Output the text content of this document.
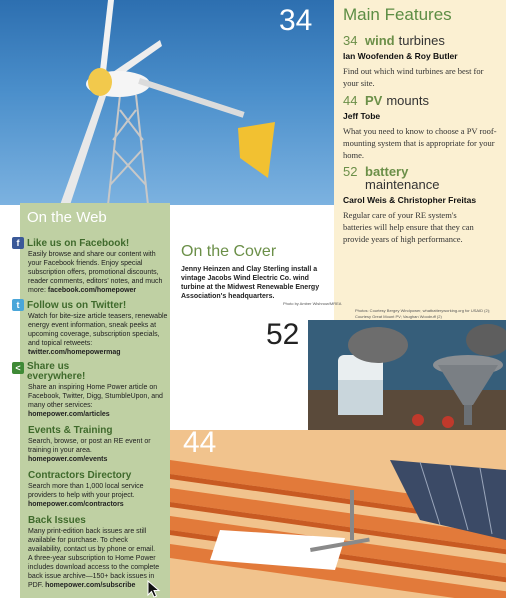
34 Main Features
34 wind turbines
Ian Woofenden & Roy Butler
Find out which wind turbines are best for your site.
44 PV mounts
Jeff Tobe
What you need to know to choose a PV roof-mounting system that is appropriate for your home.
52 battery
maintenance
Carol Weis & Christopher Freitas
Regular care of your RE system's batteries will help ensure that they can provide years of high performance.
On the Cover
Jenny Heinzen and Clay Sterling install a vintage Jacobs Wind Electric Co. wind turbine at the Midwest Renewable Energy Association's headquarters.
Photo by Amber Wishnow/MREA
Photos: Courtesy Bergey Windpower, whatbatteryworking.org for USAID (2); Courtesy Great Mount PV; Vaughan Woodruff (2)
52
44
On the Web
f Like us on Facebook!
Easily browse and share our content with your Facebook friends. Enjoy special subscription offers, promotional discounts, reader comments, editors' notes, and much more: facebook.com/homepower
t Follow us on Twitter!
Watch for bite-size article teasers, renewable energy event information, sneak peeks at upcoming coverage, subscription specials, and topical retweets: twitter.com/homepowermag
< Share us everywhere!
Share an inspiring Home Power article on Facebook, Twitter, Digg, StumbleUpon, and many other services: homepower.com/articles
Events & Training
Search, browse, or post an RE event or training in your area. homepower.com/events
Contractors Directory
Search more than 1,000 local service providers to help with your project. homepower.com/contractors
Back Issues
Many print-edition back issues are still available for purchase. To check availability, contact us by phone or email. A three-year subscription to Home Power includes download access to the complete back issue archive—150+ back issues in PDF. homepower.com/subscribe
